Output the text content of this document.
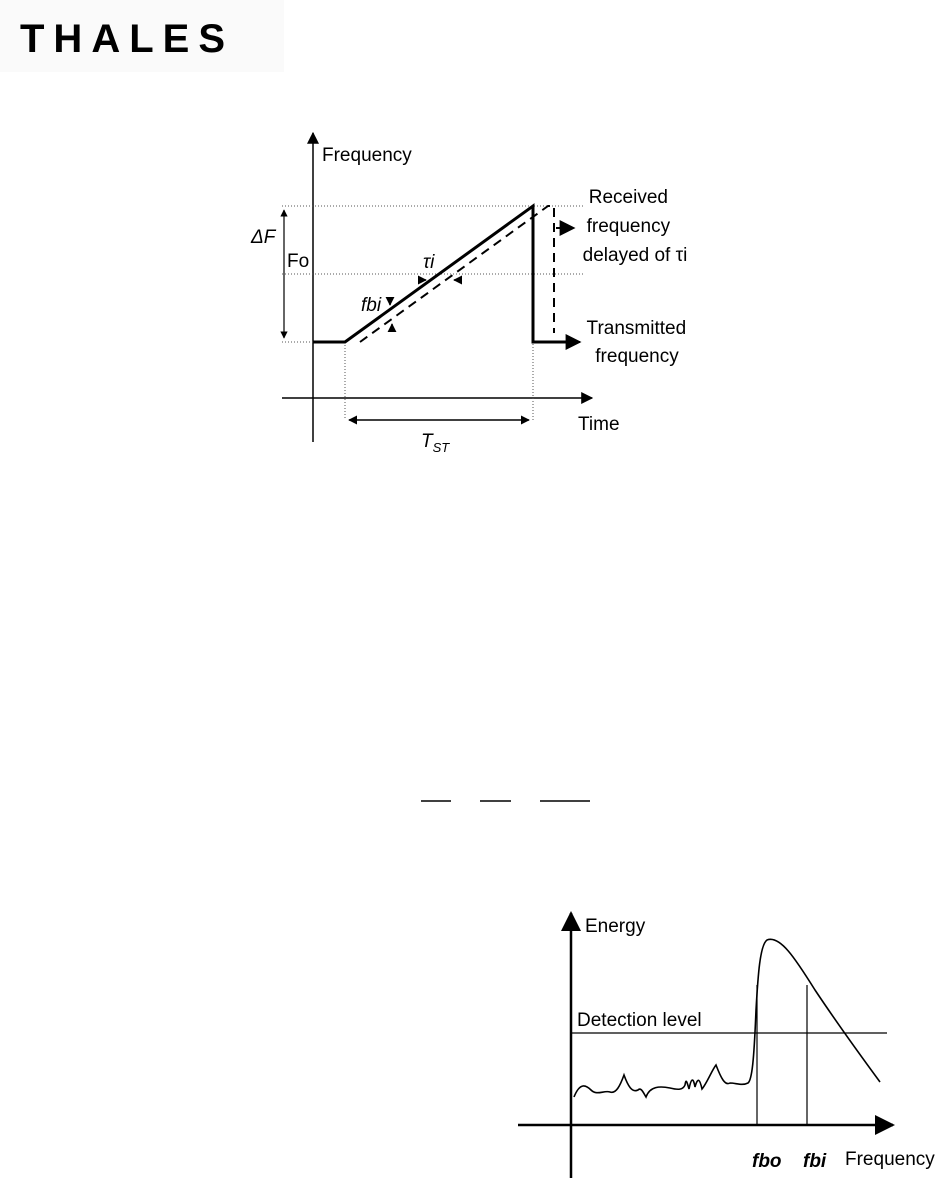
THALES
Frequency
Time
ΔF
Fo	τi
fbi
$T_{ST}$
Received frequency delayed of τi
Transmitted frequency
Energy
Detection level
fbo fbi Frequency
